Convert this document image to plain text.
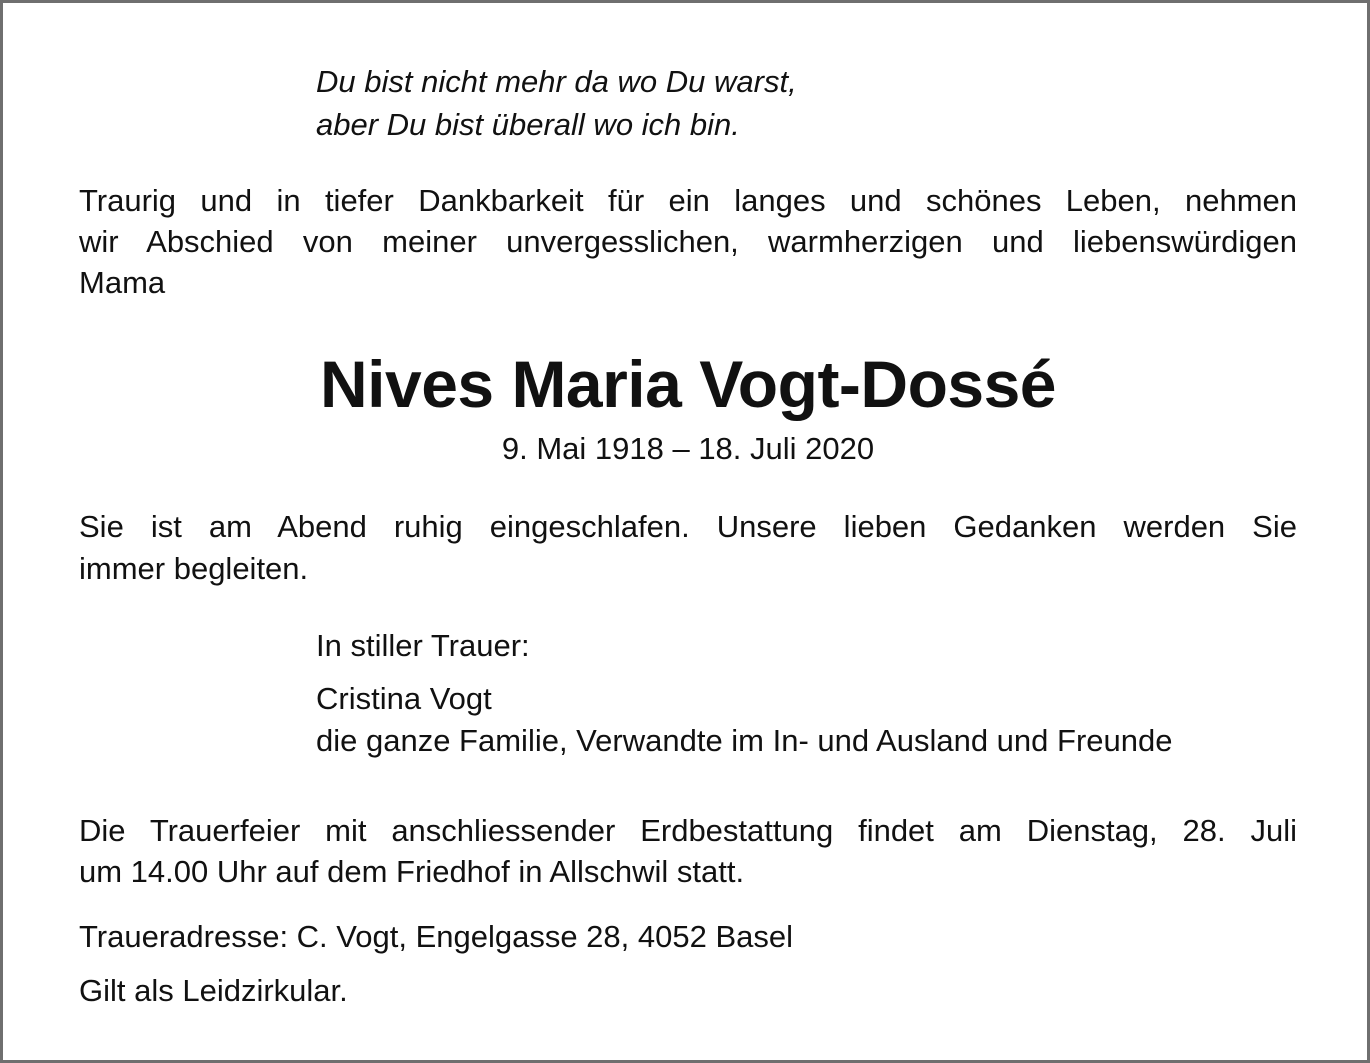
Du bist nicht mehr da wo Du warst,

aber Du bist überall wo ich bin.

Traurig und in tiefer Dankbarkeit für ein langes und schönes Leben, nehmen

wir Abschied von meiner unvergesslichen, warmherzigen und liebenswürdigen

Mama

Nives Maria Vogt-Dossé

9. Mai 1918 – 18. Juli 2020

Sie ist am Abend ruhig eingeschlafen. Unsere lieben Gedanken werden Sie

immer begleiten.

In stiller Trauer:

Cristina Vogt

die ganze Familie, Verwandte im In- und Ausland und Freunde

Die Trauerfeier mit anschliessender Erdbestattung findet am Dienstag, 28. Juli

um 14.00 Uhr auf dem Friedhof in Allschwil statt.

Traueradresse: C. Vogt, Engelgasse 28, 4052 Basel

Gilt als Leidzirkular.
